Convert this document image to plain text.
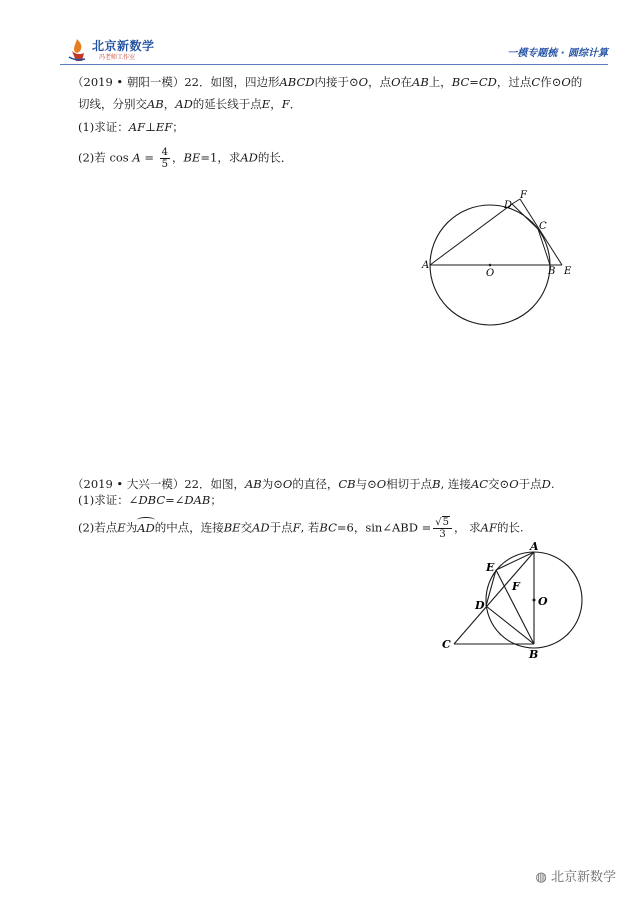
北京新数学
冯老师工作室	一模专题梳 · 圆综计算
（2019 • 朝阳一模）22．如图，四边形ABCD内接于⊙O，点O在AB上，BC=CD，过点C作⊙O的
切线，分别交AB，AD的延长线于点E，F．
(1)求证：AF⊥EF；
(2)若 $\cos A = \frac{4}{5}$ ，BE=1，求AD的长．
A
O	B E
C
D
F
（2019 • 大兴一模）22．如图，AB为⊙O的直径，CB与⊙O相切于点B, 连接AC交⊙O于点D.
(1)求证：∠DBC=∠DAB；
(2)若点E为AD的中点，连接BE交AD于点F, 若BC=6，sin∠ABD = $\frac{√5}{3}$ ， 求AF的长.
A
E
F
D	O
C
B
◍ 北京新数学
